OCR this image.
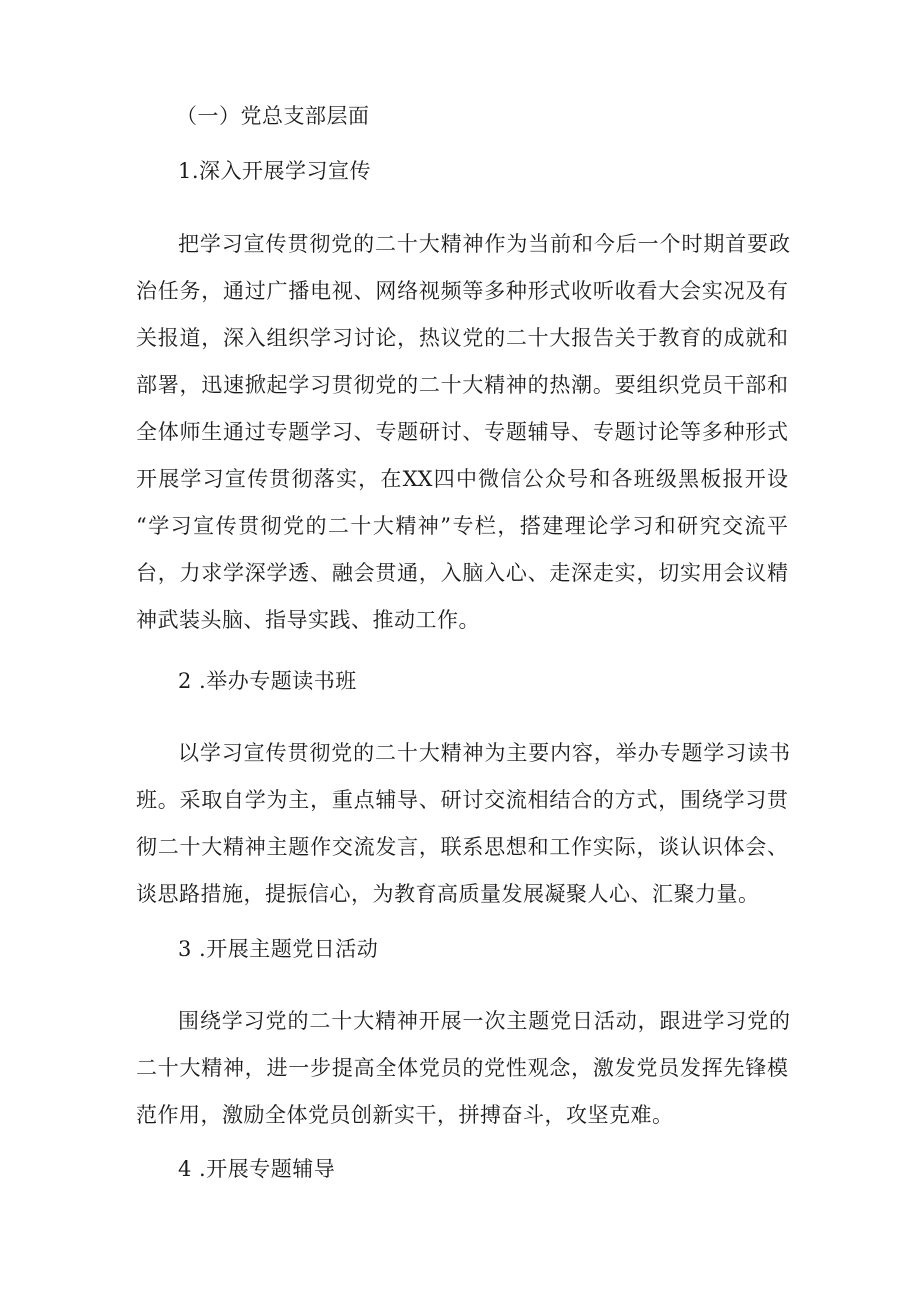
（一）党总支部层面
1.深入开展学习宣传
把学习宣传贯彻党的二十大精神作为当前和今后一个时期首要政
治任务，通过广播电视、网络视频等多种形式收听收看大会实况及有
关报道，深入组织学习讨论，热议党的二十大报告关于教育的成就和
部署，迅速掀起学习贯彻党的二十大精神的热潮。要组织党员干部和
全体师生通过专题学习、专题研讨、专题辅导、专题讨论等多种形式
开展学习宣传贯彻落实，在XX四中微信公众号和各班级黑板报开设
“学习宣传贯彻党的二十大精神”专栏，搭建理论学习和研究交流平
台，力求学深学透、融会贯通，入脑入心、走深走实，切实用会议精
神武装头脑、指导实践、推动工作。
2 .举办专题读书班
以学习宣传贯彻党的二十大精神为主要内容，举办专题学习读书
班。采取自学为主，重点辅导、研讨交流相结合的方式，围绕学习贯
彻二十大精神主题作交流发言，联系思想和工作实际，谈认识体会、
谈思路措施，提振信心，为教育高质量发展凝聚人心、汇聚力量。
3 .开展主题党日活动
围绕学习党的二十大精神开展一次主题党日活动，跟进学习党的
二十大精神，进一步提高全体党员的党性观念，激发党员发挥先锋模
范作用，激励全体党员创新实干，拼搏奋斗，攻坚克难。
4 .开展专题辅导
